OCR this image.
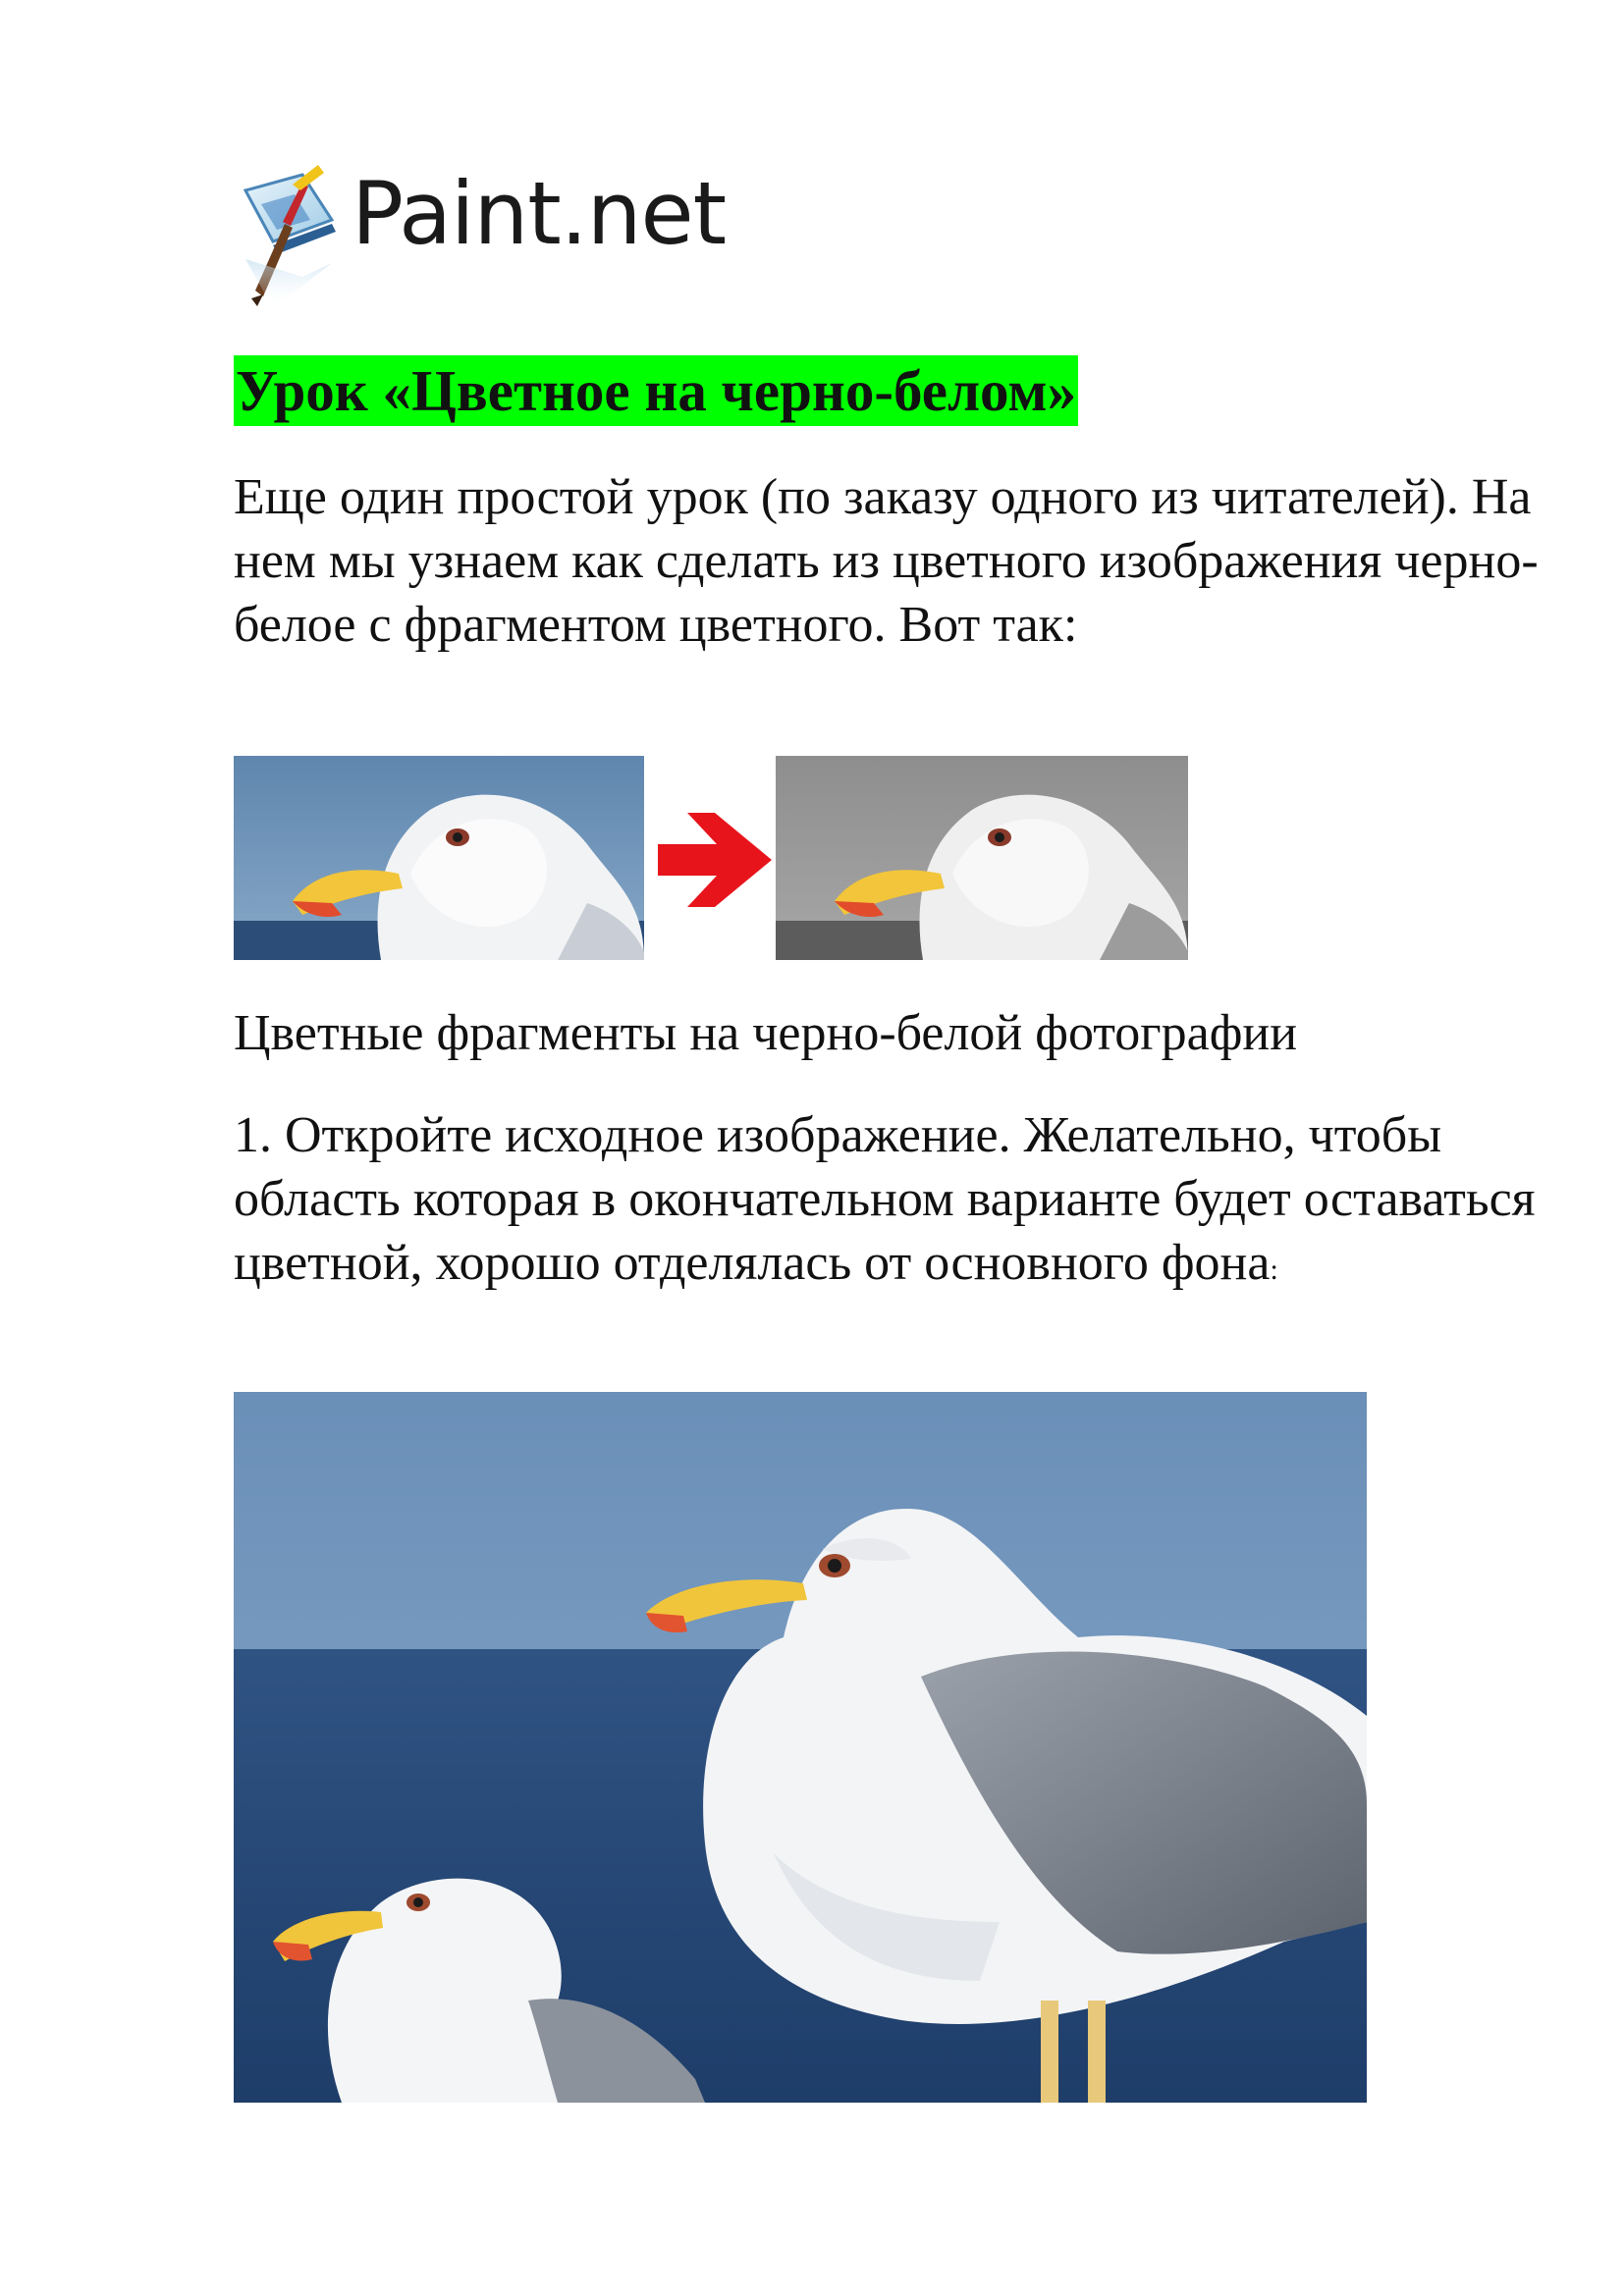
Paint.net
Урок «Цветное на черно-белом»

Еще один простой урок (по заказу одного из читателей). На нем мы узнаем как сделать из цветного изображения черно-белое с фрагментом цветного. Вот так:

Цветные фрагменты на черно-белой фотографии

1. Откройте исходное изображение. Желательно, чтобы область которая в окончательном варианте будет оставаться цветной, хорошо отделялась от основного фона:
